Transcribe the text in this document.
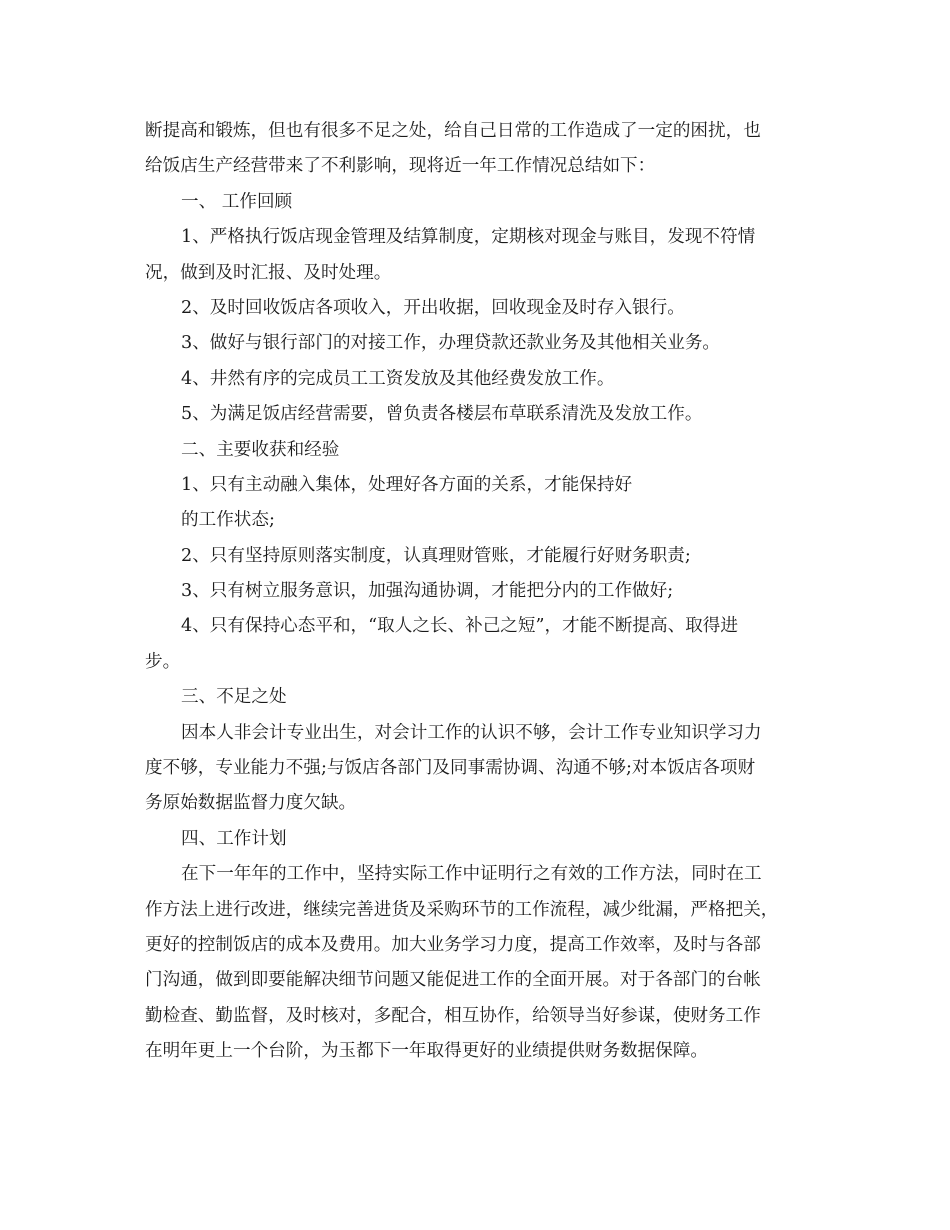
断提高和锻炼，但也有很多不足之处，给自己日常的工作造成了一定的困扰，也
给饭店生产经营带来了不利影响，现将近一年工作情况总结如下：
一、 工作回顾
1、严格执行饭店现金管理及结算制度，定期核对现金与账目，发现不符情
况，做到及时汇报、及时处理。
2、及时回收饭店各项收入，开出收据，回收现金及时存入银行。
3、做好与银行部门的对接工作，办理贷款还款业务及其他相关业务。
4、井然有序的完成员工工资发放及其他经费发放工作。
5、为满足饭店经营需要，曾负责各楼层布草联系清洗及发放工作。
二、主要收获和经验
1、只有主动融入集体，处理好各方面的关系，才能保持好
的工作状态;
2、只有坚持原则落实制度，认真理财管账，才能履行好财务职责;
3、只有树立服务意识，加强沟通协调，才能把分内的工作做好;
4、只有保持心态平和，“取人之长、补己之短”，才能不断提高、取得进
步。
三、不足之处
因本人非会计专业出生，对会计工作的认识不够，会计工作专业知识学习力
度不够，专业能力不强;与饭店各部门及同事需协调、沟通不够;对本饭店各项财
务原始数据监督力度欠缺。
四、工作计划
在下一年年的工作中，坚持实际工作中证明行之有效的工作方法，同时在工
作方法上进行改进，继续完善进货及采购环节的工作流程，减少纰漏，严格把关，
更好的控制饭店的成本及费用。加大业务学习力度，提高工作效率，及时与各部
门沟通，做到即要能解决细节问题又能促进工作的全面开展。对于各部门的台帐
勤检查、勤监督，及时核对，多配合，相互协作，给领导当好参谋，使财务工作
在明年更上一个台阶，为玉都下一年取得更好的业绩提供财务数据保障。
